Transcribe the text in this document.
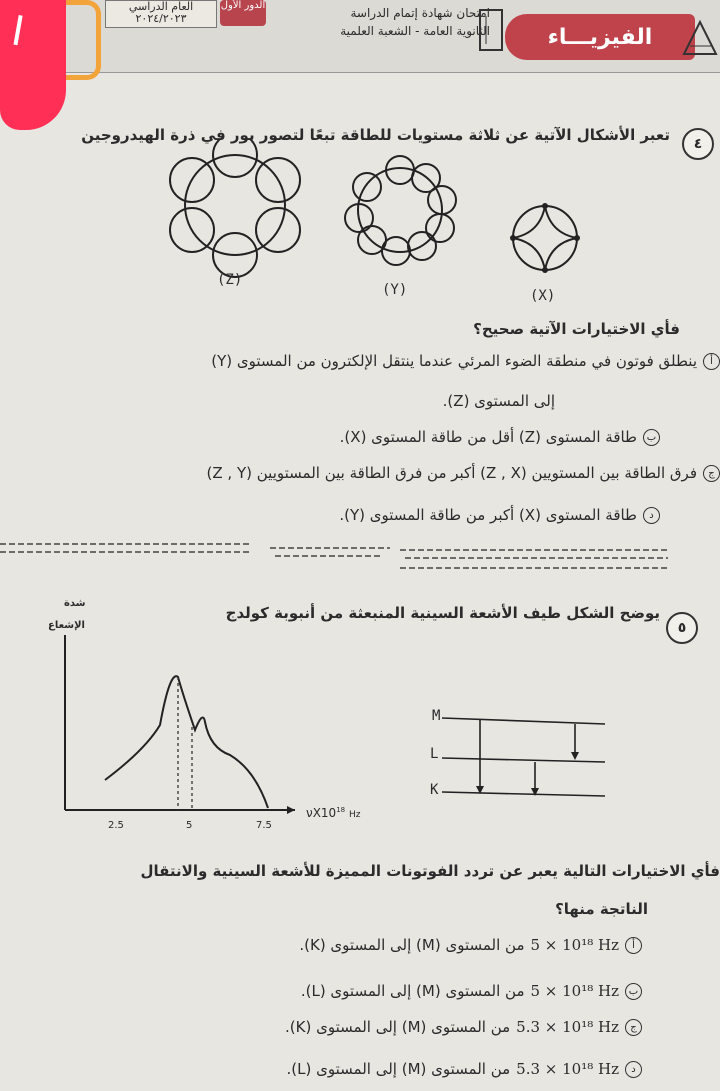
العام الدراسي
٢٠٢٤/٢٠٢٣
الدور الأول
امتحان شهادة إتمام الدراسة
الثانوية العامة - الشعبة العلمية	الفيزيـــاء
٤
تعبر الأشكال الآتية عن ثلاثة مستويات للطاقة تبعًا لتصور بور في ذرة الهيدروجين
(Z)
(Y)	(X)
فأي الاختيارات الآتية صحيح؟
أينطلق فوتون في منطقة الضوء المرئي عندما ينتقل الإلكترون من المستوى (Y)
إلى المستوى (Z).
بطاقة المستوى (Z) أقل من طاقة المستوى (X).
جفرق الطاقة بين المستويين (Z , X) أكبر من فرق الطاقة بين المستويين (Z , Y)
دطاقة المستوى (X) أكبر من طاقة المستوى (Y).
٥
يوضح الشكل طيف الأشعة السينية المنبعثة من أنبوبة كولدج
شدة
الإشعاع
2.5	5	7.5
$\nu X10^{18}$ Hz
M
L
K
فأي الاختيارات التالية يعبر عن تردد الفوتونات المميزة للأشعة السينية والانتقال
الناتجة منها؟
أ5 × 10¹⁸ Hzمن المستوى (M) إلى المستوى (K).
ب5 × 10¹⁸ Hzمن المستوى (M) إلى المستوى (L).
ج5.3 × 10¹⁸ Hzمن المستوى (M) إلى المستوى (K).
د5.3 × 10¹⁸ Hzمن المستوى (M) إلى المستوى (L).
